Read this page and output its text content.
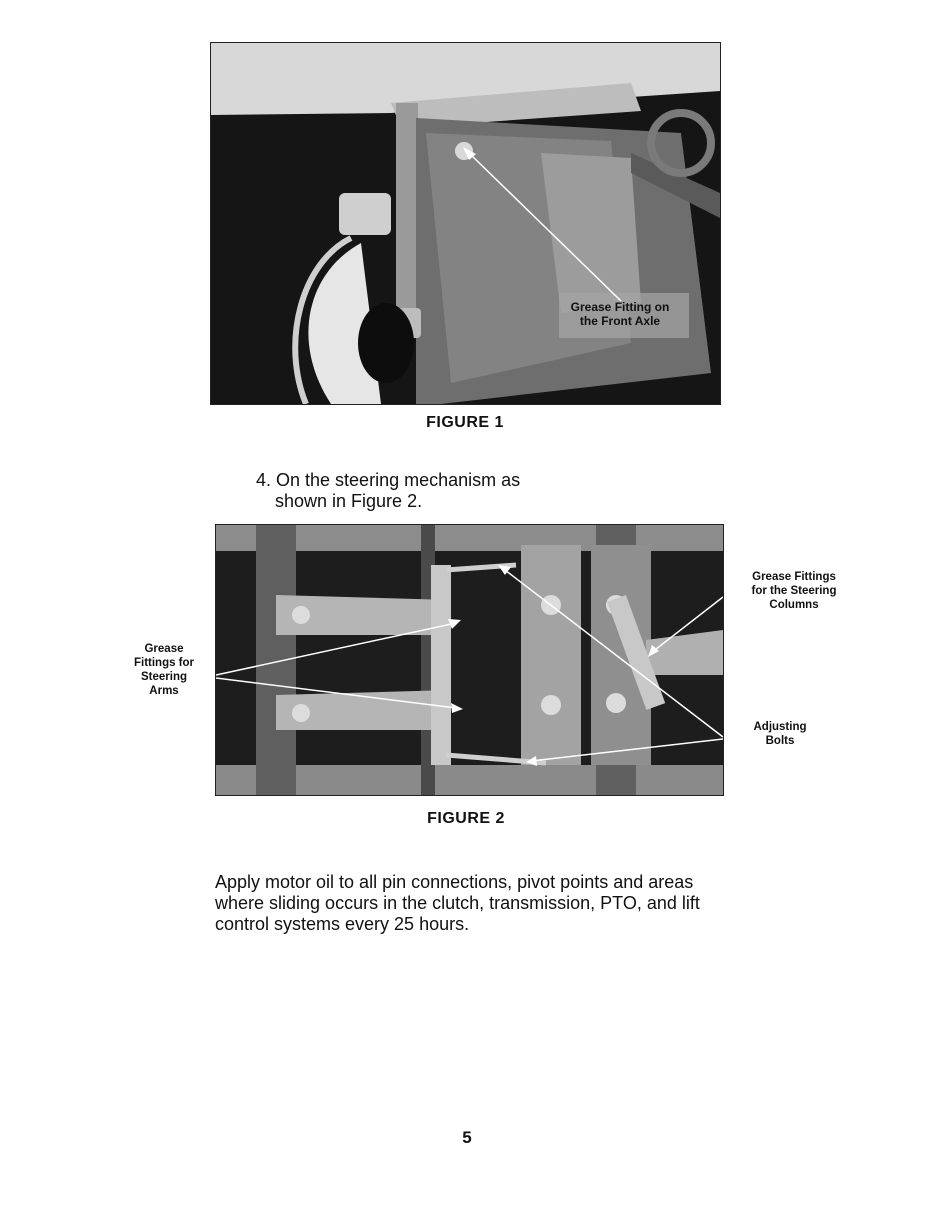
Grease Fitting on
the Front Axle
FIGURE 1
4. On the steering mechanism as
shown in Figure 2.
Grease
Fittings for
Steering
Arms
Grease Fittings
for the Steering
Columns
Adjusting
Bolts
FIGURE 2
Apply motor oil to all pin connections, pivot points and areas
where sliding occurs in the clutch, transmission, PTO, and lift
control systems every 25 hours.
5
